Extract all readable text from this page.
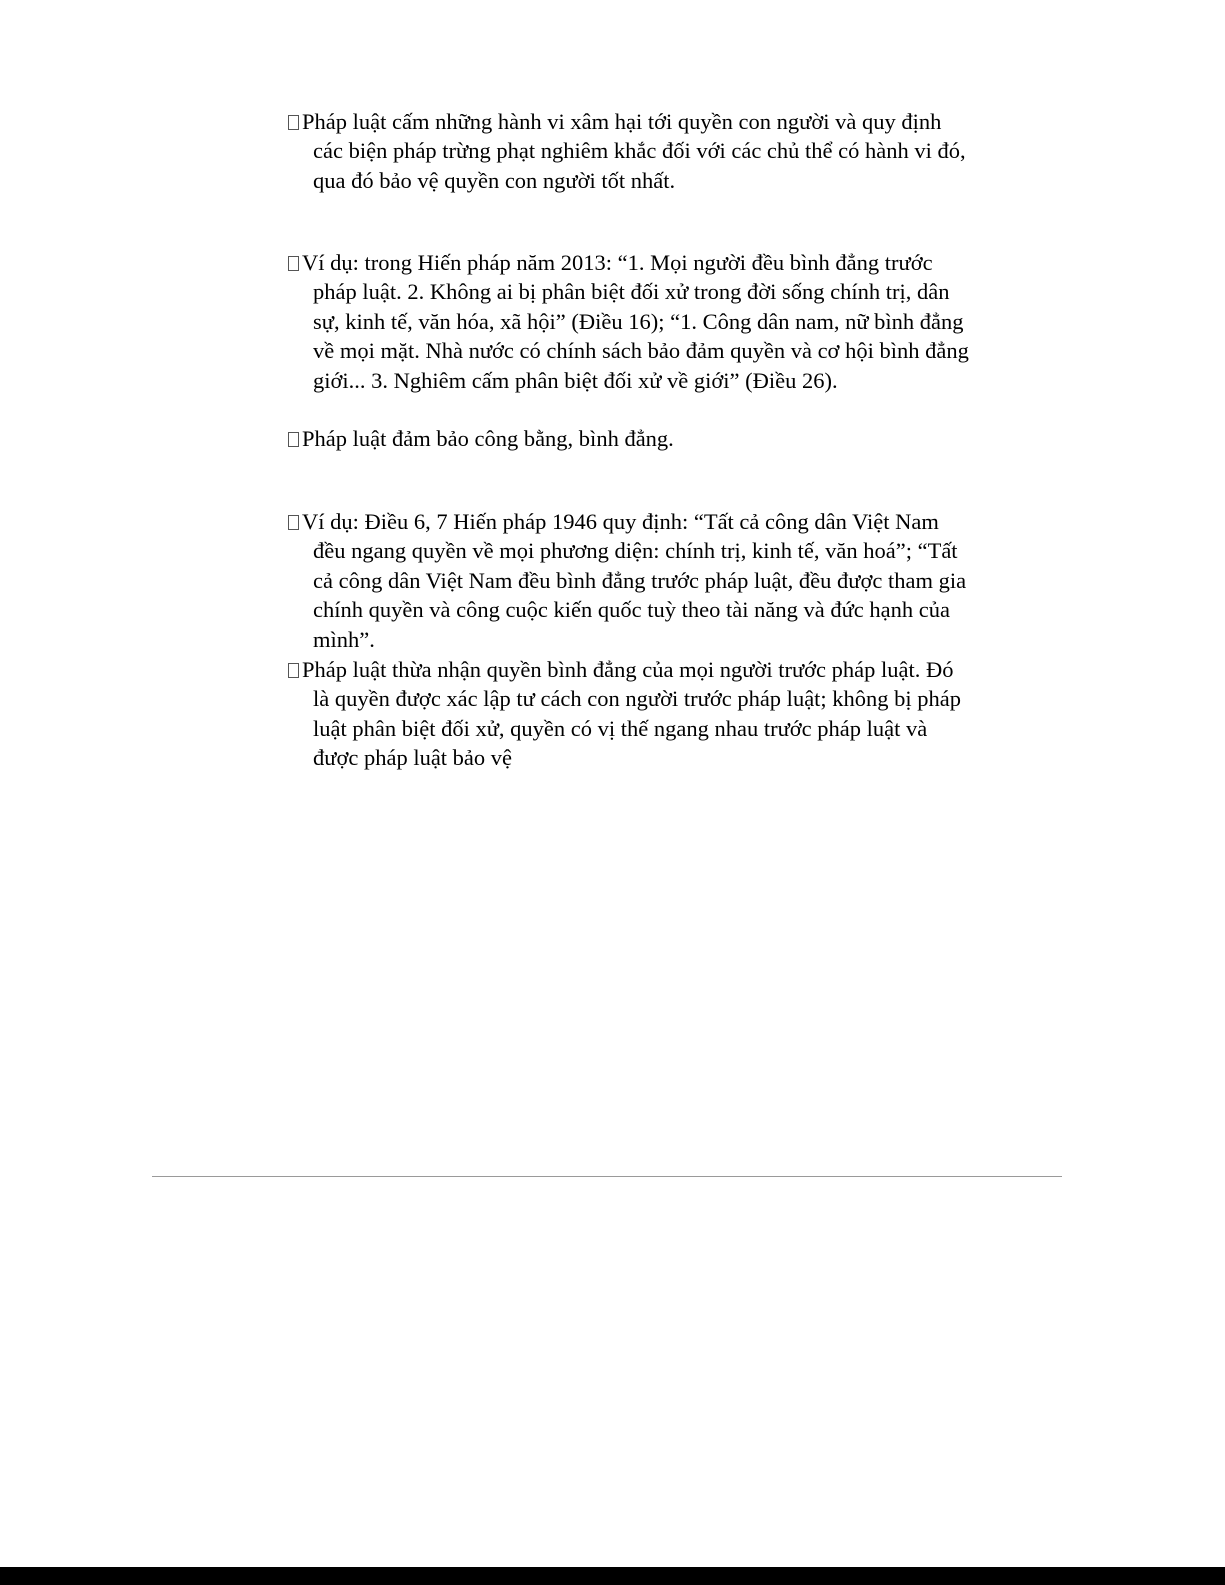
Pháp luật cấm những hành vi xâm hại tới quyền con người và quy định các biện pháp trừng phạt nghiêm khắc đối với các chủ thể có hành vi đó, qua đó bảo vệ quyền con người tốt nhất.

Ví dụ: trong Hiến pháp năm 2013: “1. Mọi người đều bình đẳng trước pháp luật. 2. Không ai bị phân biệt đối xử trong đời sống chính trị, dân sự, kinh tế, văn hóa, xã hội” (Điều 16); “1. Công dân nam, nữ bình đẳng về mọi mặt. Nhà nước có chính sách bảo đảm quyền và cơ hội bình đẳng giới... 3. Nghiêm cấm phân biệt đối xử về giới” (Điều 26).

Pháp luật đảm bảo công bằng, bình đẳng.

Ví dụ: Điều 6, 7 Hiến pháp 1946 quy định: “Tất cả công dân Việt Nam đều ngang quyền về mọi phương diện: chính trị, kinh tế, văn hoá”; “Tất cả công dân Việt Nam đều bình đẳng trước pháp luật, đều được tham gia chính quyền và công cuộc kiến quốc tuỳ theo tài năng và đức hạnh của mình”.

Pháp luật thừa nhận quyền bình đẳng của mọi người trước pháp luật. Đó là quyền được xác lập tư cách con người trước pháp luật; không bị pháp luật phân biệt đối xử, quyền có vị thế ngang nhau trước pháp luật và được pháp luật bảo vệ
